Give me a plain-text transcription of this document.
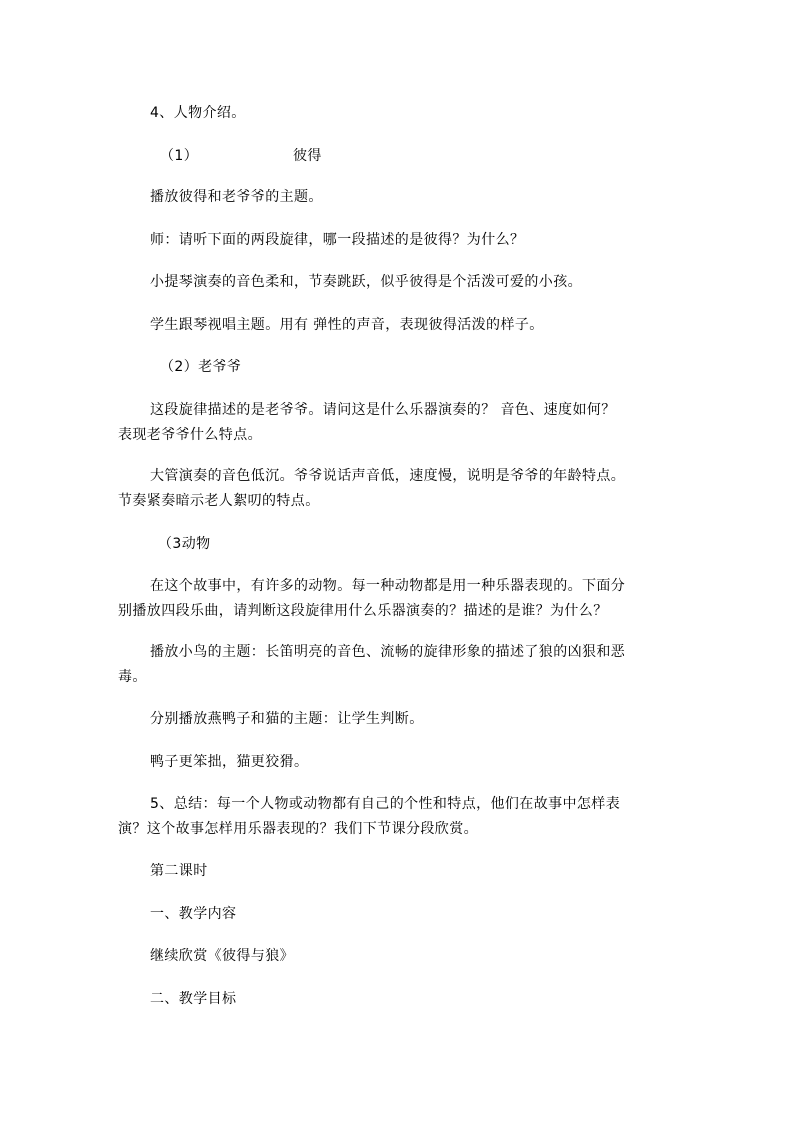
4、人物介绍。
（1）	彼得
播放彼得和老爷爷的主题。
师：请听下面的两段旋律，哪一段描述的是彼得？为什么？
小提琴演奏的音色柔和，节奏跳跃，似乎彼得是个活泼可爱的小孩。
学生跟琴视唱主题。用有 弹性的声音，表现彼得活泼的样子。
（2）老爷爷
这段旋律描述的是老爷爷。请问这是什么乐器演奏的？ 音色、速度如何？
表现老爷爷什么特点。
大管演奏的音色低沉。爷爷说话声音低，速度慢，说明是爷爷的年龄特点。
节奏紧奏暗示老人絮叨的特点。
（3动物
在这个故事中，有许多的动物。每一种动物都是用一种乐器表现的。下面分
别播放四段乐曲，请判断这段旋律用什么乐器演奏的？描述的是谁？为什么？
播放小鸟的主题：长笛明亮的音色、流畅的旋律形象的描述了狼的凶狠和恶
毒。
分别播放燕鸭子和猫的主题：让学生判断。
鸭子更笨拙，猫更狡猾。
5、总结：每一个人物或动物都有自己的个性和特点，他们在故事中怎样表
演？这个故事怎样用乐器表现的？我们下节课分段欣赏。
第二课时
一、教学内容
继续欣赏《彼得与狼》
二、教学目标
